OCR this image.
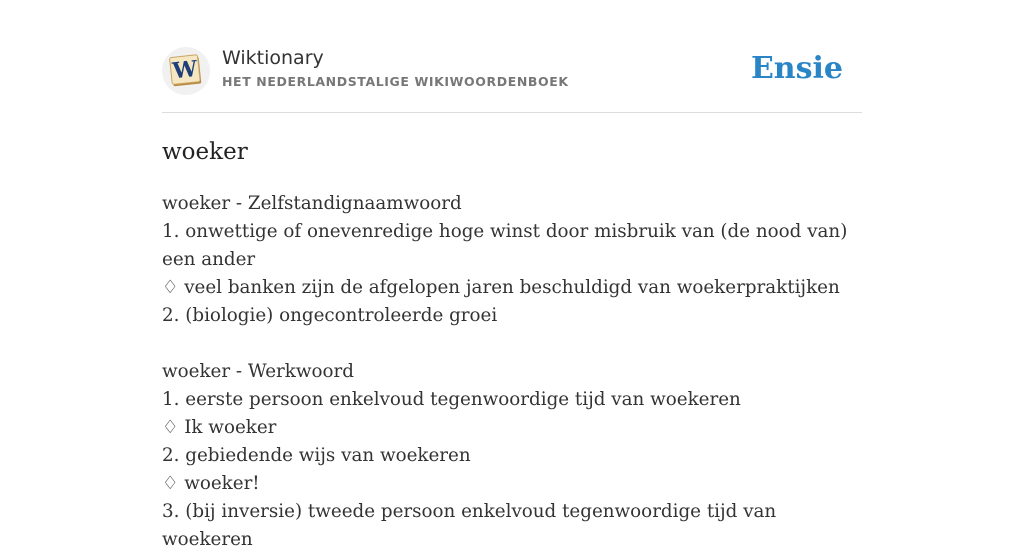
W Wiktionary
HET NEDERLANDSTALIGE WIKIWOORDENBOEK	Ensie
woeker

woeker - Zelfstandignaamwoord

1. onwettige of onevenredige hoge winst door misbruik van (de nood van) een ander

♢ veel banken zijn de afgelopen jaren beschuldigd van woekerpraktijken

2. (biologie) ongecontroleerde groei

woeker - Werkwoord

1. eerste persoon enkelvoud tegenwoordige tijd van woekeren

♢ Ik woeker

2. gebiedende wijs van woekeren

♢ woeker!

3. (bij inversie) tweede persoon enkelvoud tegenwoordige tijd van woekeren
